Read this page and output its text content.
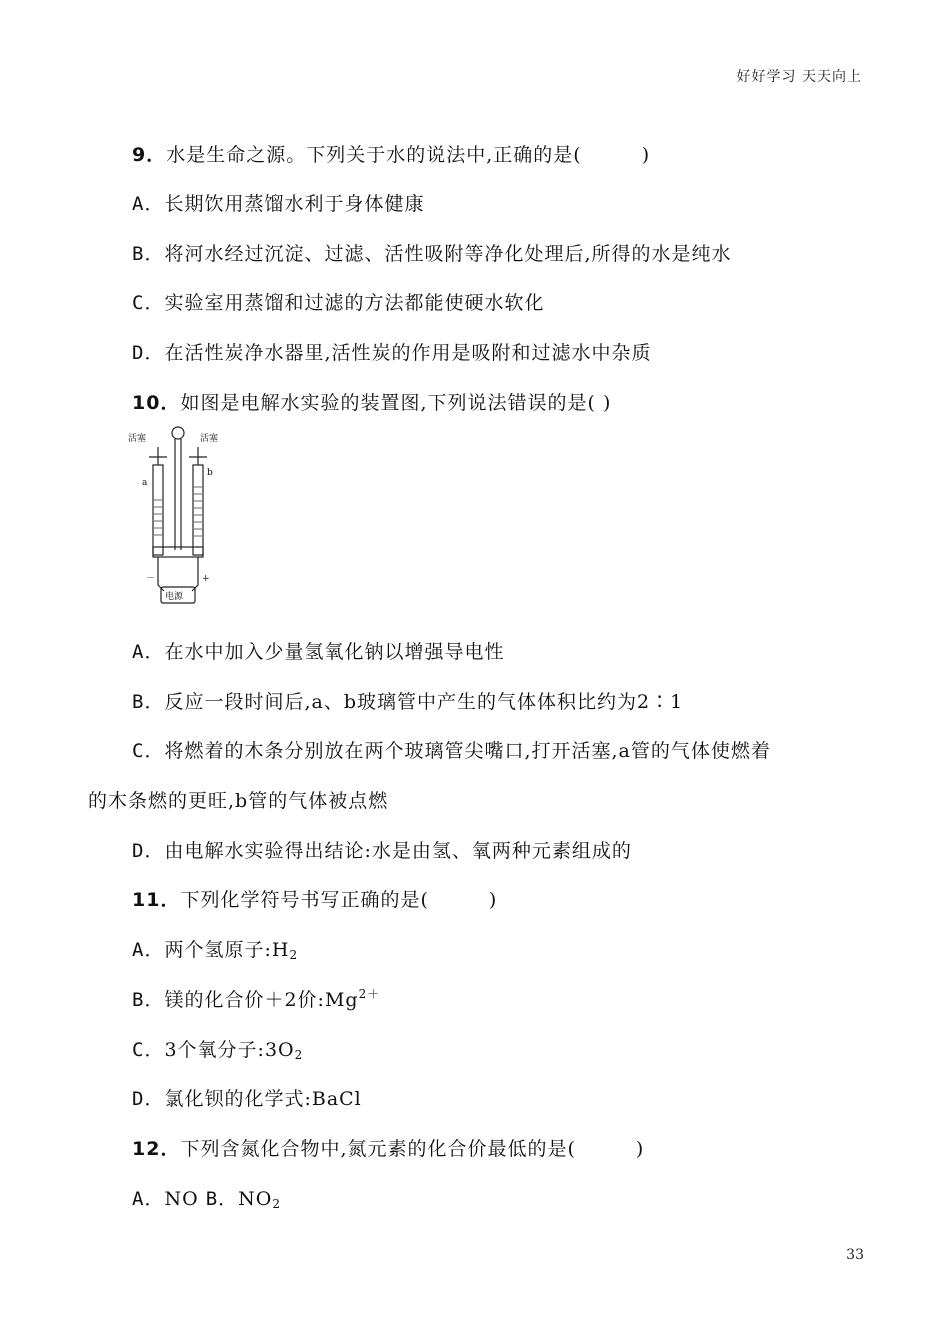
好好学习 天天向上
9．水是生命之源。下列关于水的说法中,正确的是(　　　)
A．长期饮用蒸馏水利于身体健康
B．将河水经过沉淀、过滤、活性吸附等净化处理后,所得的水是纯水
C．实验室用蒸馏和过滤的方法都能使硬水软化
D．在活性炭净水器里,活性炭的作用是吸附和过滤水中杂质
10．如图是电解水实验的装置图,下列说法错误的是( )
活塞	活塞
a
b
－	+
电源
A．在水中加入少量氢氧化钠以增强导电性
B．反应一段时间后,a、b玻璃管中产生的气体体积比约为2∶1
C．将燃着的木条分别放在两个玻璃管尖嘴口,打开活塞,a管的气体使燃着
的木条燃的更旺,b管的气体被点燃
D．由电解水实验得出结论:水是由氢、氧两种元素组成的
11．下列化学符号书写正确的是(　　　)
A．两个氢原子$:H_2$
B．镁的化合价＋2价$:Mg^{2+}$
C．3个氧分子$:3O_2$
D．氯化钡的化学式:BaCl
12．下列含氮化合物中,氮元素的化合价最低的是(　　　)
A．NO B．$NO_2$
33
